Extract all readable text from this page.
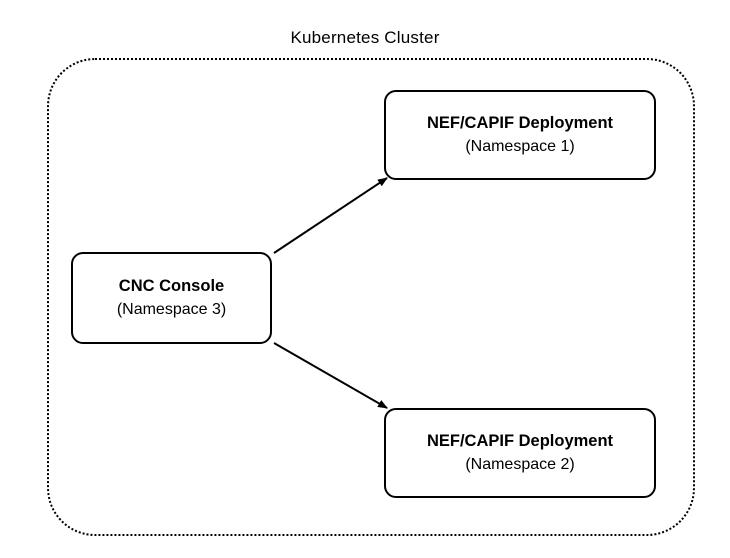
Kubernetes Cluster
NEF/CAPIF Deployment
(Namespace 1)
CNC Console
(Namespace 3)
NEF/CAPIF Deployment
(Namespace 2)
